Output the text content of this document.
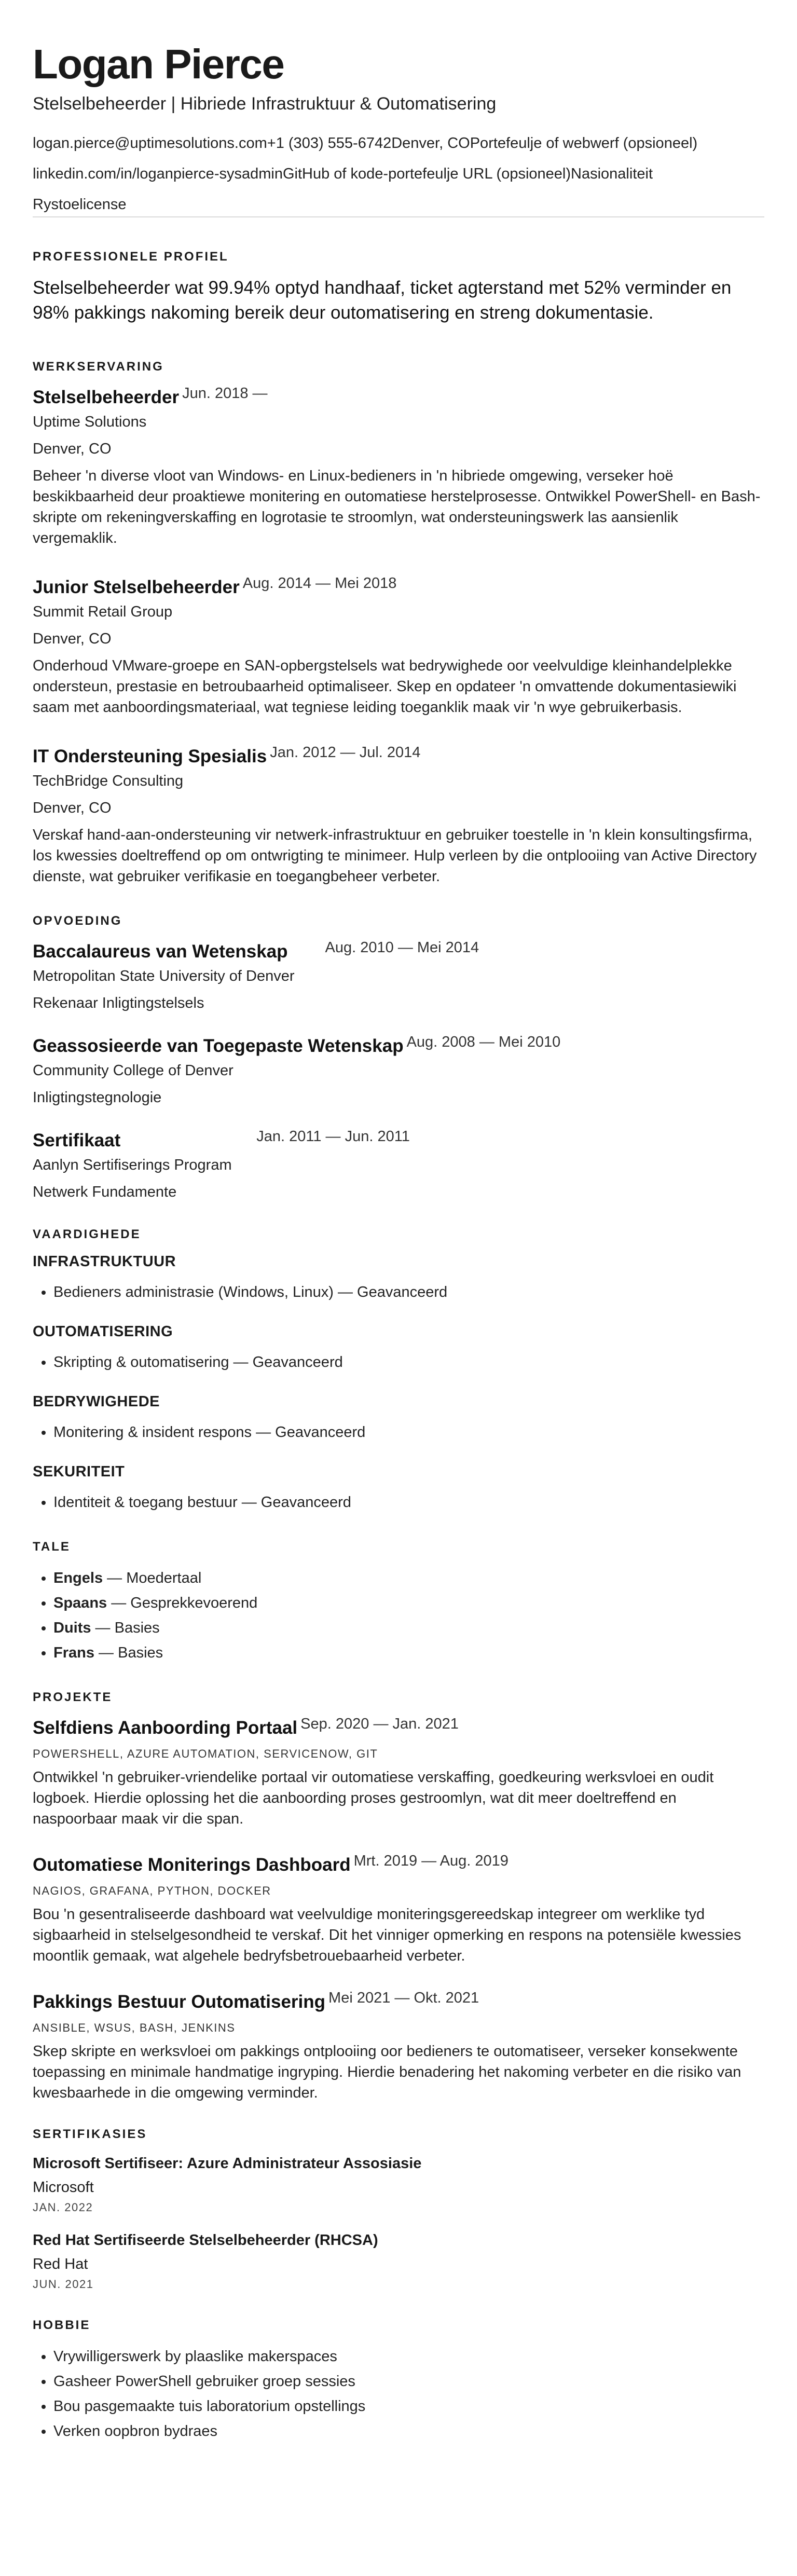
Logan Pierce
Stelselbeheerder | Hibriede Infrastruktuur & Outomatisering
logan.pierce@uptimesolutions.com +1 (303) 555-6742 Denver, CO Portefeulje of webwerf (opsioneel)
linkedin.com/in/loganpierce-sysadmin GitHub of kode-portefeulje URL (opsioneel) Nasionaliteit
Rystoelicense
PROFESSIONELE PROFIEL
Stelselbeheerder wat 99.94% optyd handhaaf, ticket agterstand met 52% verminder en 98% pakkings nakoming bereik deur outomatisering en streng dokumentasie.
WERKSERVARING
Stelselbeheerder Jun. 2018 —
Uptime Solutions
Denver, CO
Beheer 'n diverse vloot van Windows- en Linux-bedieners in 'n hibriede omgewing, verseker hoë beskikbaarheid deur proaktiewe monitering en outomatiese herstelprosesse. Ontwikkel PowerShell- en Bash-skripte om rekeningverskaffing en logrotasie te stroomlyn, wat ondersteuningswerk las aansienlik vergemaklik.
Junior Stelselbeheerder Aug. 2014 — Mei 2018
Summit Retail Group
Denver, CO
Onderhoud VMware-groepe en SAN-opbergstelsels wat bedrywighede oor veelvuldige kleinhandelplekke ondersteun, prestasie en betroubaarheid optimaliseer. Skep en opdateer 'n omvattende dokumentasiewiki saam met aanboordingsmateriaal, wat tegniese leiding toeganklik maak vir 'n wye gebruikerbasis.
IT Ondersteuning Spesialis Jan. 2012 — Jul. 2014
TechBridge Consulting
Denver, CO
Verskaf hand-aan-ondersteuning vir netwerk-infrastruktuur en gebruiker toestelle in 'n klein konsultingsfirma, los kwessies doeltreffend op om ontwrigting te minimeer. Hulp verleen by die ontplooiing van Active Directory dienste, wat gebruiker verifikasie en toegangbeheer verbeter.
OPVOEDING
Baccalaureus van Wetenskap Aug. 2010 — Mei 2014
Metropolitan State University of Denver
Rekenaar Inligtingstelsels
Geassosieerde van Toegepaste Wetenskap Aug. 2008 — Mei 2010
Community College of Denver
Inligtingstegnologie
Sertifikaat	Jan. 2011 — Jun. 2011
Aanlyn Sertifiserings Program
Netwerk Fundamente
VAARDIGHEDE
INFRASTRUKTUUR
• Bedieners administrasie (Windows, Linux) — Geavanceerd
OUTOMATISERING
• Skripting & outomatisering — Geavanceerd
BEDRYWIGHEDE
• Monitering & insident respons — Geavanceerd
SEKURITEIT
• Identiteit & toegang bestuur — Geavanceerd
TALE
• Engels — Moedertaal
• Spaans — Gesprekkevoerend
• Duits — Basies
• Frans — Basies
PROJEKTE
Selfdiens Aanboording Portaal Sep. 2020 — Jan. 2021
POWERSHELL, AZURE AUTOMATION, SERVICENOW, GIT
Ontwikkel 'n gebruiker-vriendelike portaal vir outomatiese verskaffing, goedkeuring werksvloei en oudit logboek. Hierdie oplossing het die aanboording proses gestroomlyn, wat dit meer doeltreffend en naspoorbaar maak vir die span.
Outomatiese Moniterings Dashboard Mrt. 2019 — Aug. 2019
NAGIOS, GRAFANA, PYTHON, DOCKER
Bou 'n gesentraliseerde dashboard wat veelvuldige moniteringsgereedskap integreer om werklike tyd sigbaarheid in stelselgesondheid te verskaf. Dit het vinniger opmerking en respons na potensiële kwessies moontlik gemaak, wat algehele bedryfsbetrouebaarheid verbeter.
Pakkings Bestuur Outomatisering Mei 2021 — Okt. 2021
ANSIBLE, WSUS, BASH, JENKINS
Skep skripte en werksvloei om pakkings ontplooiing oor bedieners te outomatiseer, verseker konsekwente toepassing en minimale handmatige ingryping. Hierdie benadering het nakoming verbeter en die risiko van kwesbaarhede in die omgewing verminder.
SERTIFIKASIES
Microsoft Sertifiseer: Azure Administrateur Assosiasie
Microsoft
JAN. 2022
Red Hat Sertifiseerde Stelselbeheerder (RHCSA)
Red Hat
JUN. 2021
HOBBIE
• Vrywilligerswerk by plaaslike makerspaces
• Gasheer PowerShell gebruiker groep sessies
• Bou pasgemaakte tuis laboratorium opstellings
• Verken oopbron bydraes
